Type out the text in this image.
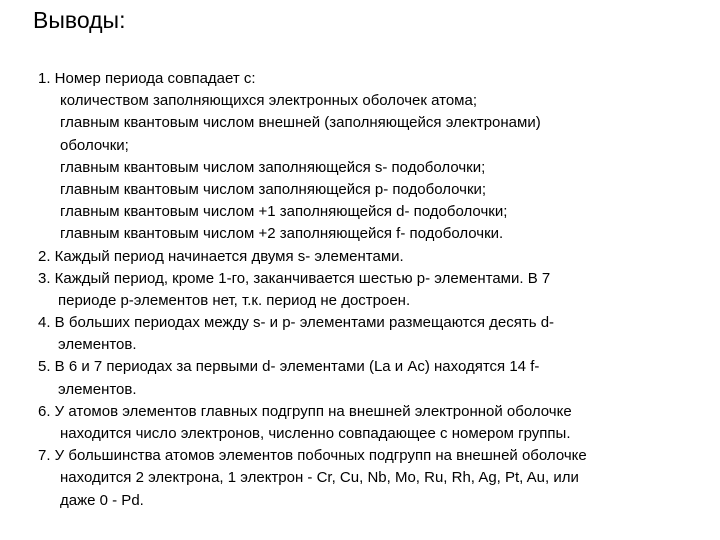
Выводы:
1. Номер периода совпадает с:
количеством заполняющихся электронных оболочек атома;
главным квантовым числом внешней (заполняющейся электронами)
оболочки;
главным квантовым числом заполняющейся s- подоболочки;
главным квантовым числом заполняющейся p- подоболочки;
главным квантовым числом +1 заполняющейся d- подоболочки;
главным квантовым числом +2 заполняющейся f- подоболочки.
2. Каждый период начинается двумя s- элементами.
3. Каждый период, кроме 1-го, заканчивается шестью p- элементами. В 7
периоде p-элементов нет, т.к. период не достроен.
4. В больших периодах между s- и p- элементами размещаются десять d-
элементов.
5. В 6 и 7 периодах за первыми d- элементами (La и Ac) находятся 14 f-
элементов.
6. У атомов элементов главных подгрупп на внешней электронной оболочке
находится число электронов, численно совпадающее с номером группы.
7. У большинства атомов элементов побочных подгрупп на внешней оболочке
находится 2 электрона, 1 электрон - Cr, Cu, Nb, Mo, Ru, Rh, Ag, Pt, Au, или
даже 0 - Pd.
